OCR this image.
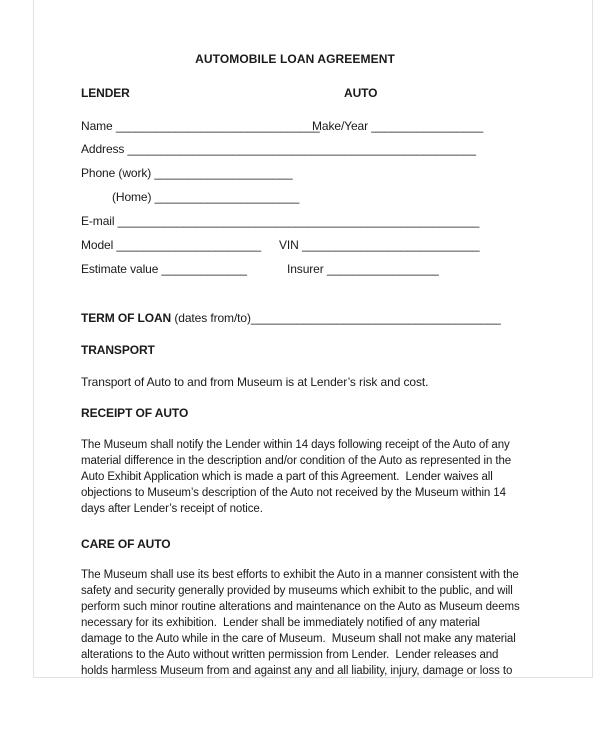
AUTOMOBILE LOAN AGREEMENT
LENDER	AUTO
Name _______________________________
Make/Year _________________
Address _____________________________________________________
Phone (work) _____________________
(Home) ______________________
E-mail _______________________________________________________
Model ______________________ VIN ___________________________
Estimate value _____________	Insurer _________________
TERM OF LOAN (dates from/to)______________________________________
TRANSPORT
Transport of Auto to and from Museum is at Lender’s risk and cost.
RECEIPT OF AUTO
The Museum shall notify the Lender within 14 days following receipt of the Auto of any
material difference in the description and/or condition of the Auto as represented in the
Auto Exhibit Application which is made a part of this Agreement.  Lender waives all
objections to Museum’s description of the Auto not received by the Museum within 14
days after Lender’s receipt of notice.
CARE OF AUTO
The Museum shall use its best efforts to exhibit the Auto in a manner consistent with the
safety and security generally provided by museums which exhibit to the public, and will
perform such minor routine alterations and maintenance on the Auto as Museum deems
necessary for its exhibition.  Lender shall be immediately notified of any material
damage to the Auto while in the care of Museum.  Museum shall not make any material
alterations to the Auto without written permission from Lender.  Lender releases and
holds harmless Museum from and against any and all liability, injury, damage or loss to
